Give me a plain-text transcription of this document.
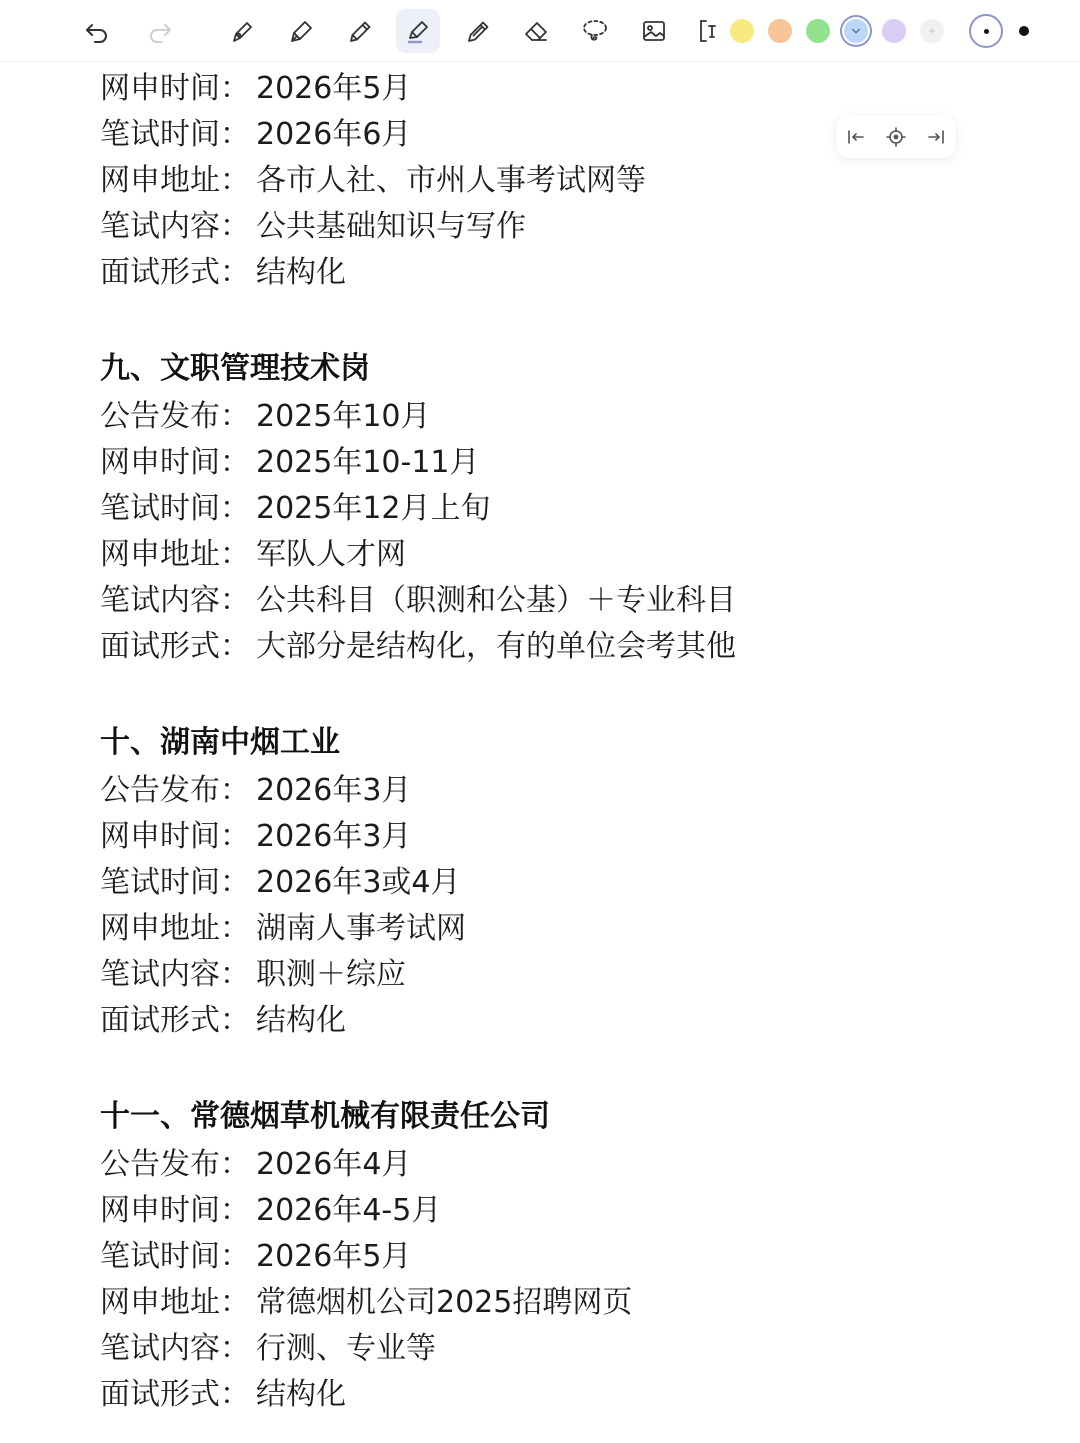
网申时间： 2026年5月
笔试时间： 2026年6月
网申地址： 各市人社、市州人事考试网等
笔试内容： 公共基础知识与写作
面试形式： 结构化
九、文职管理技术岗
公告发布： 2025年10月
网申时间： 2025年10-11月
笔试时间： 2025年12月上旬
网申地址： 军队人才网
笔试内容： 公共科目（职测和公基）＋专业科目
面试形式： 大部分是结构化，有的单位会考其他
十、湖南中烟工业
公告发布： 2026年3月
网申时间： 2026年3月
笔试时间： 2026年3或4月
网申地址： 湖南人事考试网
笔试内容： 职测＋综应
面试形式： 结构化
十一、常德烟草机械有限责任公司
公告发布： 2026年4月
网申时间： 2026年4-5月
笔试时间： 2026年5月
网申地址： 常德烟机公司2025招聘网页
笔试内容： 行测、专业等
面试形式： 结构化
